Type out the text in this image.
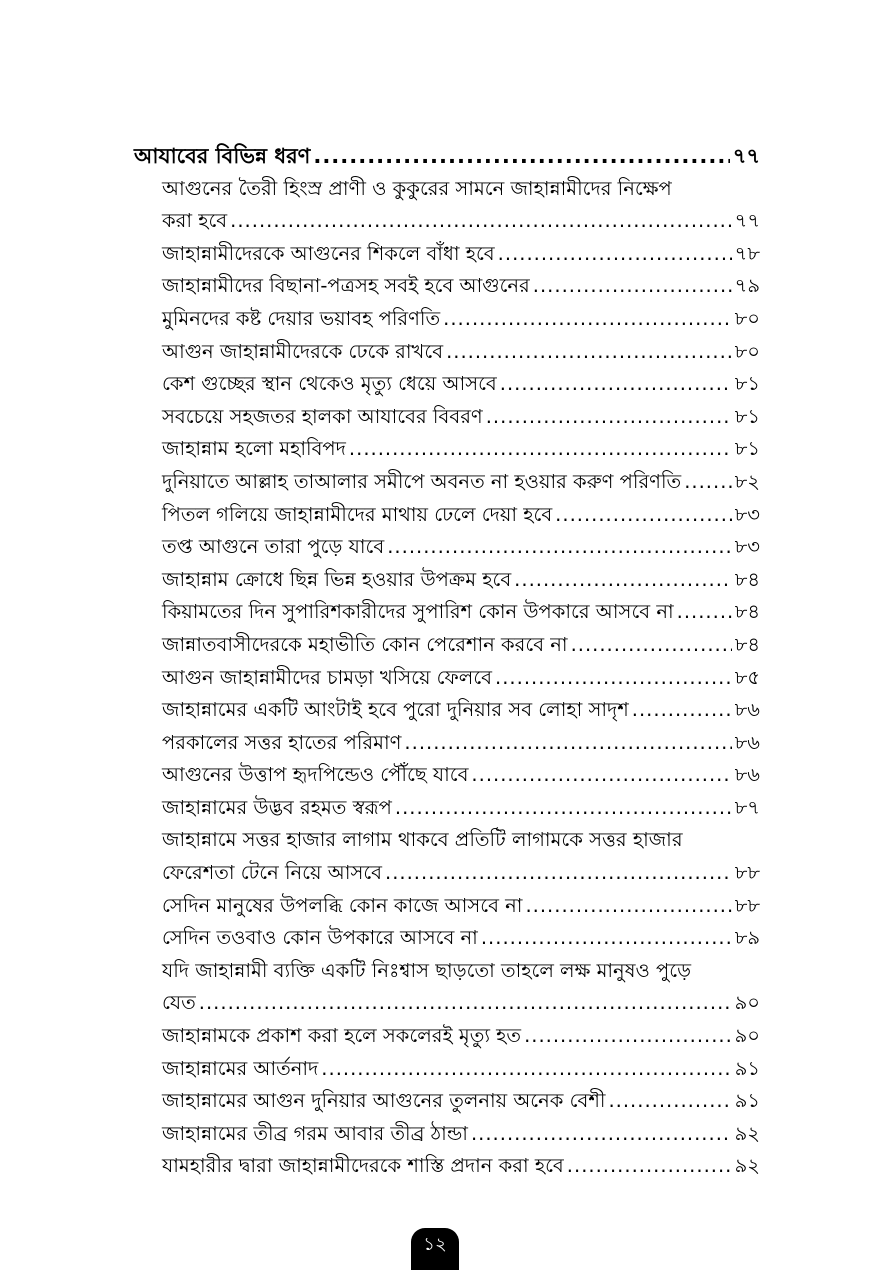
আযাবের বিভিন্ন ধরণ .....	৭৭
আগুনের তৈরী হিংস্র প্রাণী ও কুকুরের সামনে জাহান্নামীদের নিক্ষেপ
করা হবে .....	৭৭
জাহান্নামীদেরকে আগুনের শিকলে বাঁধা হবে .....	৭৮
জাহান্নামীদের বিছানা-পত্রসহ সবই হবে আগুনের .....	৭৯
মুমিনদের কষ্ট দেয়ার ভয়াবহ পরিণতি .....	৮০
আগুন জাহান্নামীদেরকে ঢেকে রাখবে .....	৮০
কেশ গুচ্ছের স্থান থেকেও মৃত্যু ধেয়ে আসবে .....	৮১
সবচেয়ে সহজতর হালকা আযাবের বিবরণ .....	৮১
জাহান্নাম হলো মহাবিপদ .....	৮১
দুনিয়াতে আল্লাহ তাআলার সমীপে অবনত না হওয়ার করুণ পরিণতি .....	৮২
পিতল গলিয়ে জাহান্নামীদের মাথায় ঢেলে দেয়া হবে .....	৮৩
তপ্ত আগুনে তারা পুড়ে যাবে .....	৮৩
জাহান্নাম ক্রোধে ছিন্ন ভিন্ন হওয়ার উপক্রম হবে .....	৮৪
কিয়ামতের দিন সুপারিশকারীদের সুপারিশ কোন উপকারে আসবে না .....	৮৪
জান্নাতবাসীদেরকে মহাভীতি কোন পেরেশান করবে না .....	৮৪
আগুন জাহান্নামীদের চামড়া খসিয়ে ফেলবে .....	৮৫
জাহান্নামের একটি আংটাই হবে পুরো দুনিয়ার সব লোহা সাদৃশ .....	৮৬
পরকালের সত্তর হাতের পরিমাণ .....	৮৬
আগুনের উত্তাপ হৃদপিন্ডেও পৌঁছে যাবে .....	৮৬
জাহান্নামের উদ্ভব রহমত স্বরূপ .....	৮৭
জাহান্নামে সত্তর হাজার লাগাম থাকবে প্রতিটি লাগামকে সত্তর হাজার
ফেরেশতা টেনে নিয়ে আসবে .....	৮৮
সেদিন মানুষের উপলব্ধি কোন কাজে আসবে না .....	৮৮
সেদিন তওবাও কোন উপকারে আসবে না .....	৮৯
যদি জাহান্নামী ব্যক্তি একটি নিঃশ্বাস ছাড়তো তাহলে লক্ষ মানুষও পুড়ে
যেত .....	৯০
জাহান্নামকে প্রকাশ করা হলে সকলেরই মৃত্যু হত .....	৯০
জাহান্নামের আর্তনাদ .....	৯১
জাহান্নামের আগুন দুনিয়ার আগুনের তুলনায় অনেক বেশী .....	৯১
জাহান্নামের তীব্র গরম আবার তীব্র ঠান্ডা .....	৯২
যামহারীর দ্বারা জাহান্নামীদেরকে শাস্তি প্রদান করা হবে .....	৯২
১২
